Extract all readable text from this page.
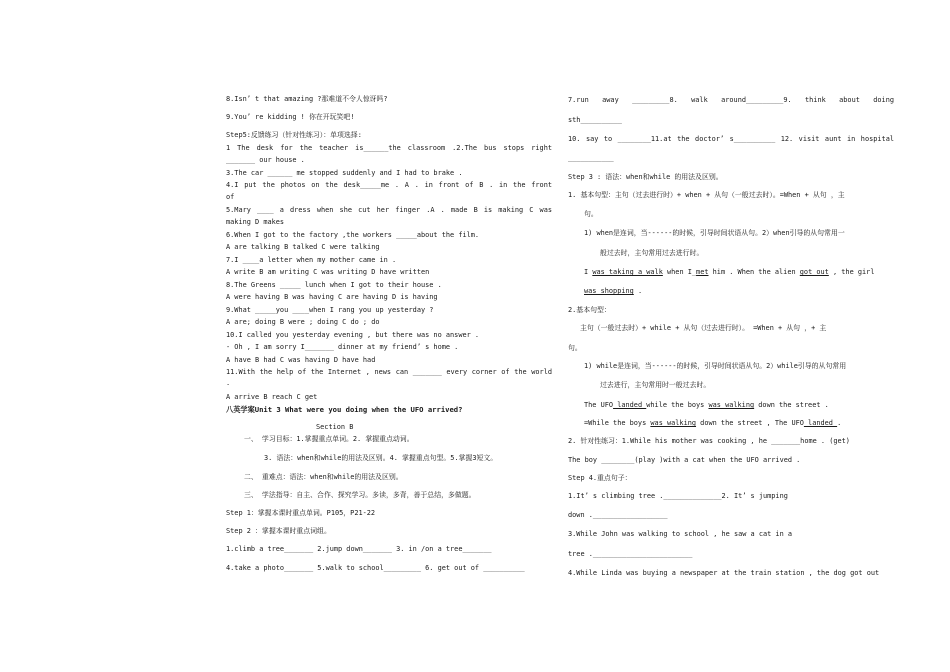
8.Isn’ t that amazing ?那难道不令人惊讶吗?
9.You’ re kidding ! 你在开玩笑吧!
Step5:反馈练习（针对性练习）：单项选择:
1 The desk for the teacher is______the classroom .2.The bus stops right
_______ our house .
3.The car ______ me stopped suddenly and I had to brake .
4.I put the photos on the desk_____me . A . in front of B . in the front
of
5.Mary ____ a dress when she cut her finger .A . made B is making C was
making D makes
6.When I got to the factory ,the workers _____about the film.
A are talking B talked C were talking
7.I ____a letter when my mother came in .
A write B am writing C was writing D have written
8.The Greens _____ lunch when I got to their house .
A were having B was having C are having D is having
9.What _____you ____when I rang you up yesterday ?
A are; doing B were ; doing C do ; do
10.I called you yesterday evening , but there was no answer .
- Oh , I am sorry I_______ dinner at my friend’ s home .
A have B had C was having D have had
11.With the help of the Internet , news can _______ every corner of the world
.
A arrive B reach C get
八英学案Unit 3 What were you doing when the UFO arrived?
Section B
一、 学习目标：1.掌握重点单词。2. 掌握重点动词。
3. 语法：when和while的用法及区别。4. 掌握重点句型。5.掌握3短文。
二、 重难点：语法：when和while的用法及区别。
三、 学法指导：自主、合作、探究学习。多读，多背，善于总结，多做题。
Step 1：掌握本课时重点单词。P105，P21-22
Step 2 ：掌握本课时重点词组。
1.climb a tree_______ 2.jump down_______ 3. in /on a tree_______
4.take a photo_______ 5.walk to school_________ 6. get out of __________
7.run away _________8. walk around_________9. think about doing
sth__________
10. say to ________11.at the doctor’ s__________ 12. visit aunt in hospital
___________
Step 3 : 语法：when和while 的用法及区别。
1. 基本句型：主句（过去进行时）+ when + 从句（一般过去时）。=When + 从句 ，主
句。
1) when是连词，当------的时候，引导时间状语从句。2）when引导的从句常用一
般过去时，主句常用过去进行时。
I was taking a walk when I_met him . When the alien got out , the girl
was shopping .
2.基本句型：
主句（一般过去时）+ while + 从句（过去进行时）。 =When + 从句 ，+ 主
句。
1) while是连词，当------的时候，引导时间状语从句。2）while引导的从句常用
过去进行，主句常用时一般过去时。
The UFO landed while the boys was walking down the street .
=While the boys was walking down the street , The UFO landed .
2. 针对性练习：1.While his mother was cooking , he _______home . (get)
The boy ________(play )with a cat when the UFO arrived .
Step 4.重点句子：
1.It’ s climbing tree .______________2. It’ s jumping
down .__________________
3.While John was walking to school , he saw a cat in a
tree .________________________
4.While Linda was buying a newspaper at the train station , the dog got out
